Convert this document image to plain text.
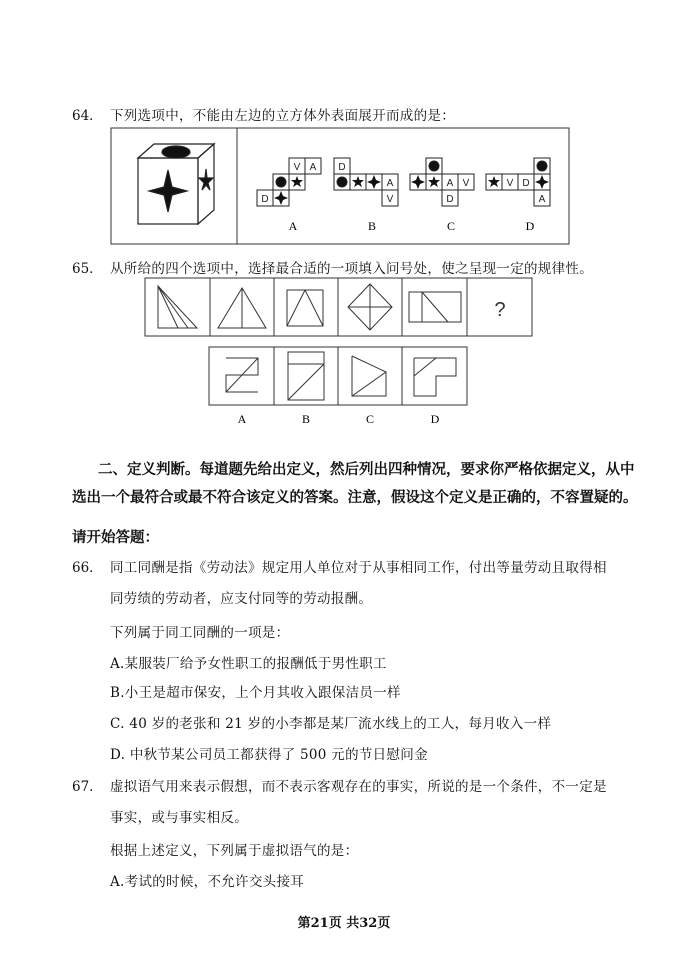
64． 下列选项中，不能由左边的立方体外表面展开而成的是：
V A
D
D
A
V
A V
D
V D
A
A	B	C	D
65． 从所给的四个选项中，选择最合适的一项填入问号处，使之呈现一定的规律性。
?
A	B	C	D
二、定义判断。每道题先给出定义，然后列出四种情况，要求你严格依据定义，从中
选出一个最符合或最不符合该定义的答案。注意，假设这个定义是正确的，不容置疑的。
请开始答题：
66． 同工同酬是指《劳动法》规定用人单位对于从事相同工作，付出等量劳动且取得相
同劳绩的劳动者，应支付同等的劳动报酬。
下列属于同工同酬的一项是：
A.某服装厂给予女性职工的报酬低于男性职工
B.小王是超市保安，上个月其收入跟保洁员一样
C. 40 岁的老张和 21 岁的小李都是某厂流水线上的工人，每月收入一样
D. 中秋节某公司员工都获得了 500 元的节日慰问金
67． 虚拟语气用来表示假想，而不表示客观存在的事实，所说的是一个条件，不一定是
事实，或与事实相反。
根据上述定义，下列属于虚拟语气的是：
A.考试的时候，不允许交头接耳
第21页 共32页
